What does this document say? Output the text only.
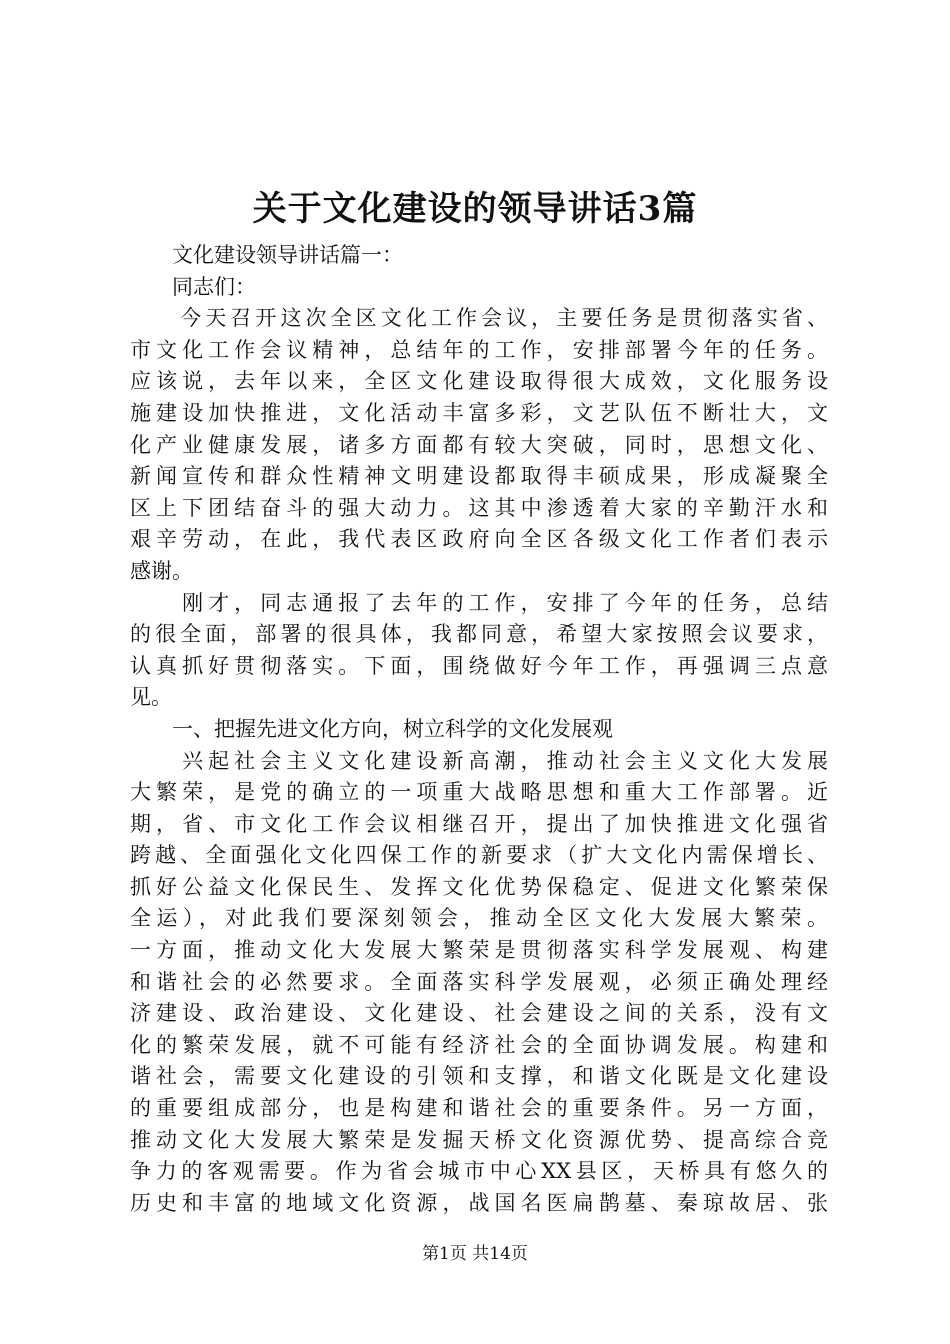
关于文化建设的领导讲话3篇
　　文化建设领导讲话篇一：
　　同志们：
　　今天召开这次全区文化工作会议，主要任务是贯彻落实省、
市文化工作会议精神，总结年的工作，安排部署今年的任务。
应该说，去年以来，全区文化建设取得很大成效，文化服务设
施建设加快推进，文化活动丰富多彩，文艺队伍不断壮大，文
化产业健康发展，诸多方面都有较大突破，同时，思想文化、
新闻宣传和群众性精神文明建设都取得丰硕成果，形成凝聚全
区上下团结奋斗的强大动力。这其中渗透着大家的辛勤汗水和
艰辛劳动，在此，我代表区政府向全区各级文化工作者们表示
感谢。
　　刚才，同志通报了去年的工作，安排了今年的任务，总结
的很全面，部署的很具体，我都同意，希望大家按照会议要求，
认真抓好贯彻落实。下面，围绕做好今年工作，再强调三点意
见。
　　一、把握先进文化方向，树立科学的文化发展观
　　兴起社会主义文化建设新高潮，推动社会主义文化大发展
大繁荣，是党的确立的一项重大战略思想和重大工作部署。近
期，省、市文化工作会议相继召开，提出了加快推进文化强省
跨越、全面强化文化四保工作的新要求（扩大文化内需保增长、
抓好公益文化保民生、发挥文化优势保稳定、促进文化繁荣保
全运），对此我们要深刻领会，推动全区文化大发展大繁荣。
一方面，推动文化大发展大繁荣是贯彻落实科学发展观、构建
和谐社会的必然要求。全面落实科学发展观，必须正确处理经
济建设、政治建设、文化建设、社会建设之间的关系，没有文
化的繁荣发展，就不可能有经济社会的全面协调发展。构建和
谐社会，需要文化建设的引领和支撑，和谐文化既是文化建设
的重要组成部分，也是构建和谐社会的重要条件。另一方面，
推动文化大发展大繁荣是发掘天桥文化资源优势、提高综合竞
争力的客观需要。作为省会城市中心XX县区，天桥具有悠久的
历史和丰富的地域文化资源，战国名医扁鹊墓、秦琼故居、张
第1页 共14页
